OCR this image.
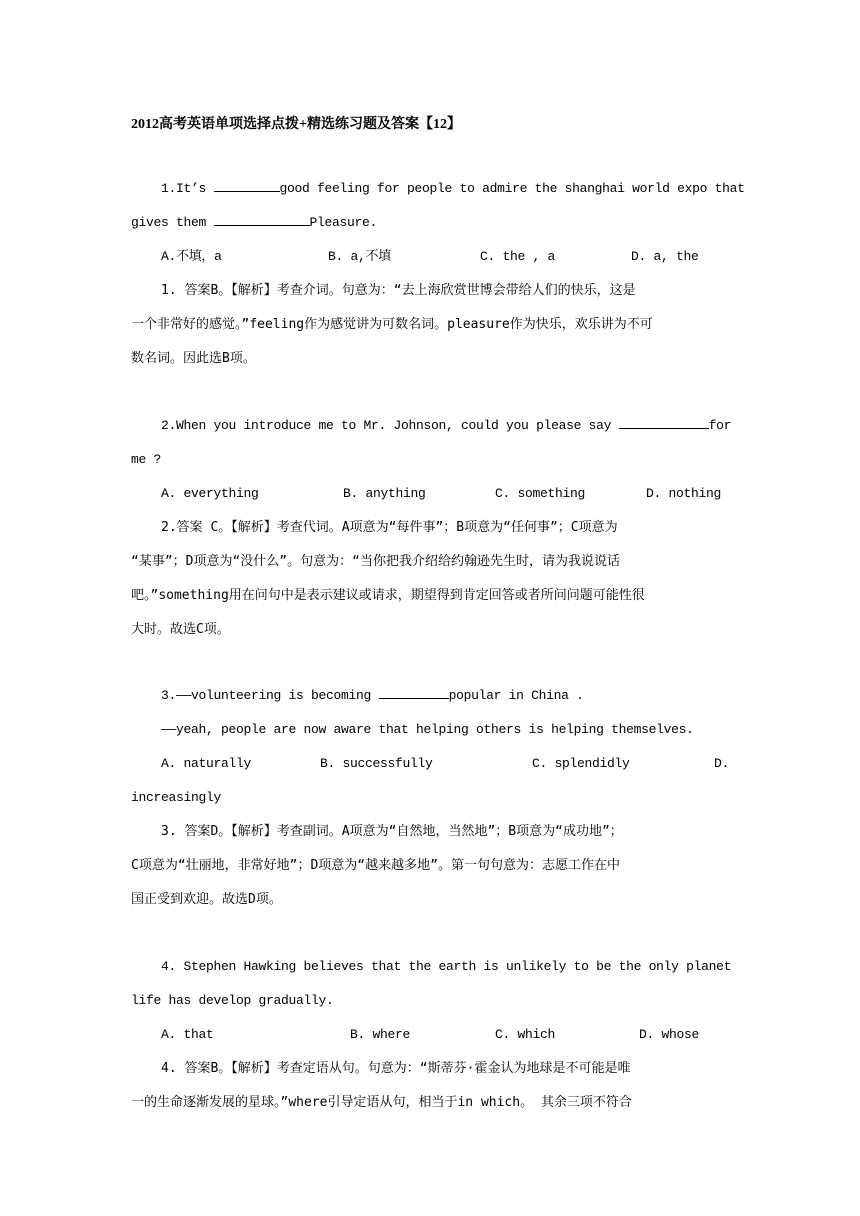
2012高考英语单项选择点拨+精选练习题及答案【12】
1.It’s	good feeling for people to admire the shanghai world expo that
gives them	Pleasure.
A.不填，a	B. a,不填	C. the , a	D. a, the
1. 答案B。【解析】考查介词。句意为：“去上海欣赏世博会带给人们的快乐，这是
一个非常好的感觉。”feeling作为感觉讲为可数名词。pleasure作为快乐，欢乐讲为不可
数名词。因此选B项。
2.When you introduce me to Mr. Johnson, could you please say	for
me ?
A. everything	B. anything	C. something	D. nothing
2.答案 C。【解析】考查代词。A项意为“每件事”；B项意为“任何事”；C项意为
“某事”；D项意为“没什么”。句意为：“当你把我介绍给约翰逊先生时，请为我说说话
吧。”something用在问句中是表示建议或请求，期望得到肯定回答或者所问问题可能性很
大时。故选C项。
3.——volunteering is becoming	popular in China .
——yeah, people are now aware that helping others is helping themselves.
A. naturally	B. successfully	C. splendidly	D.
increasingly
3. 答案D。【解析】考查副词。A项意为“自然地，当然地”；B项意为“成功地”；
C项意为“壮丽地，非常好地”；D项意为“越来越多地”。第一句句意为：志愿工作在中
国正受到欢迎。故选D项。
4. Stephen Hawking believes that the earth is unlikely to be the only planet
life has develop gradually.
A. that	B. where	C. which	D. whose
4. 答案B。【解析】考查定语从句。句意为：“斯蒂芬·霍金认为地球是不可能是唯
一的生命逐渐发展的星球。”where引导定语从句，相当于in which。 其余三项不符合
